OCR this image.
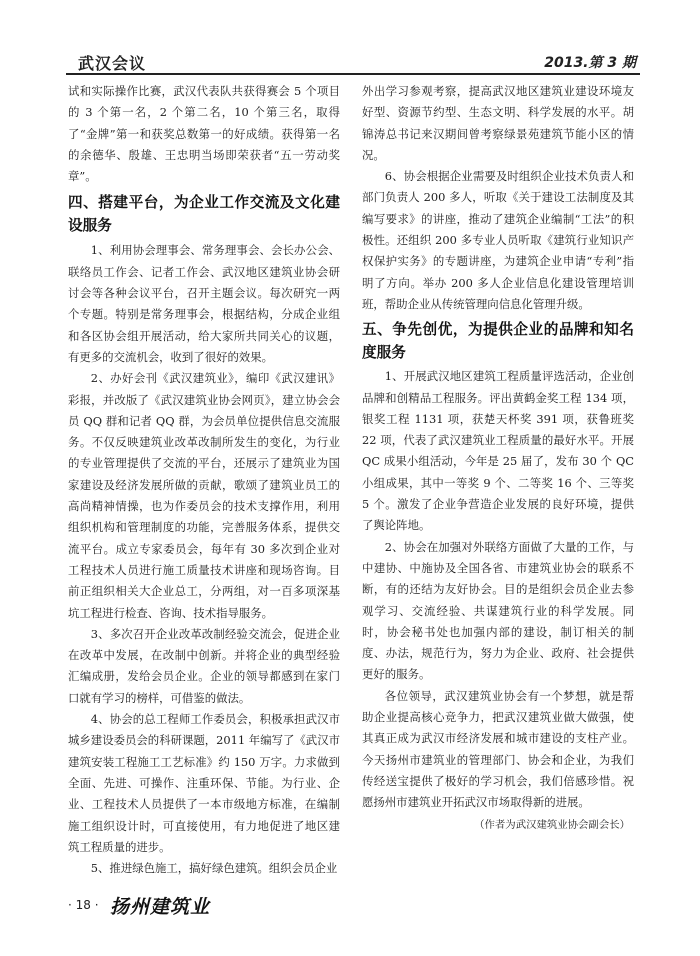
武汉会议	2013.第 3 期

试和实际操作比赛，武汉代表队共获得赛会 5 个项目的 3 个第一名，2 个第二名，10 个第三名，取得了“金牌”第一和获奖总数第一的好成绩。获得第一名的余德华、殷雄、王忠明当场即荣获者“五一劳动奖章”。

四、搭建平台，为企业工作交流及文化建设服务

1、利用协会理事会、常务理事会、会长办公会、联络员工作会、记者工作会、武汉地区建筑业协会研讨会等各种会议平台，召开主题会议。每次研究一两个专题。特别是常务理事会，根据结构，分成企业组和各区协会组开展活动，给大家所共同关心的议题，有更多的交流机会，收到了很好的效果。

2、办好会刊《武汉建筑业》，编印《武汉建讯》彩报，并改版了《武汉建筑业协会网页》，建立协会会员 QQ 群和记者 QQ 群，为会员单位提供信息交流服务。不仅反映建筑业改革改制所发生的变化，为行业的专业管理提供了交流的平台，还展示了建筑业为国家建设及经济发展所做的贡献，歌颂了建筑业员工的高尚精神情操，也为作委员会的技术支撑作用，利用组织机构和管理制度的功能，完善服务体系，提供交流平台。成立专家委员会，每年有 30 多次到企业对工程技术人员进行施工质量技术讲座和现场咨询。目前正组织相关大企业总工，分两组，对一百多项深基坑工程进行检查、咨询、技术指导服务。

3、多次召开企业改革改制经验交流会，促进企业在改革中发展，在改制中创新。并将企业的典型经验汇编成册，发给会员企业。企业的领导都感到在家门口就有学习的榜样，可借鉴的做法。

4、协会的总工程师工作委员会，积极承担武汉市城乡建设委员会的科研课题，2011 年编写了《武汉市建筑安装工程施工工艺标准》约 150 万字。力求做到全面、先进、可操作、注重环保、节能。为行业、企业、工程技术人员提供了一本市级地方标准，在编制施工组织设计时，可直接使用，有力地促进了地区建筑工程质量的进步。

5、推进绿色施工，搞好绿色建筑。组织会员企业

外出学习参观考察，提高武汉地区建筑业建设环境友好型、资源节约型、生态文明、科学发展的水平。胡锦涛总书记来汉期间曾考察绿景苑建筑节能小区的情况。

6、协会根据企业需要及时组织企业技术负责人和部门负责人 200 多人，听取《关于建设工法制度及其编写要求》的讲座，推动了建筑企业编制“工法”的积极性。还组织 200 多专业人员听取《建筑行业知识产权保护实务》的专题讲座，为建筑企业申请“专利”指明了方向。举办 200 多人企业信息化建设管理培训班，帮助企业从传统管理向信息化管理升级。

五、争先创优，为提供企业的品牌和知名度服务

1、开展武汉地区建筑工程质量评选活动，企业创品牌和创精品工程服务。评出黄鹤金奖工程 134 项，银奖工程 1131 项，获楚天杯奖 391 项，获鲁班奖 22 项，代表了武汉建筑业工程质量的最好水平。开展 QC 成果小组活动，今年是 25 届了，发布 30 个 QC 小组成果，其中一等奖 9 个、二等奖 16 个、三等奖 5 个。激发了企业争营造企业发展的良好环境，提供了舆论阵地。

2、协会在加强对外联络方面做了大量的工作，与中建协、中施协及全国各省、市建筑业协会的联系不断，有的还结为友好协会。目的是组织会员企业去参观学习、交流经验、共谋建筑行业的科学发展。同时，协会秘书处也加强内部的建设，制订相关的制度、办法，规范行为，努力为企业、政府、社会提供更好的服务。

各位领导，武汉建筑业协会有一个梦想，就是帮助企业提高核心竞争力，把武汉建筑业做大做强，使其真正成为武汉市经济发展和城市建设的支柱产业。今天扬州市建筑业的管理部门、协会和企业，为我们传经送宝提供了极好的学习机会，我们倍感珍惜。祝愿扬州市建筑业开拓武汉市场取得新的进展。

（作者为武汉建筑业协会副会长）

· 18 · 扬州建筑业
